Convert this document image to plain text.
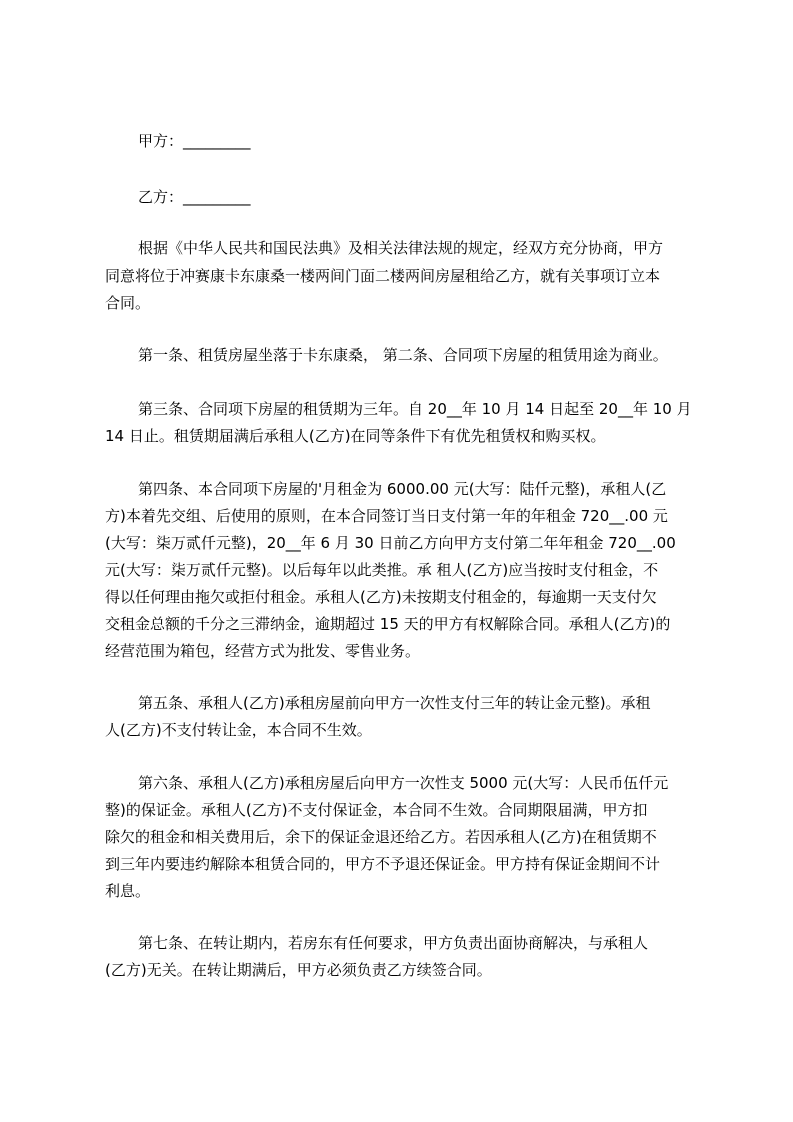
甲方：_________
乙方：_________
根据《中华人民共和国民法典》及相关法律法规的规定，经双方充分协商，甲方
同意将位于冲赛康卡东康桑一楼两间门面二楼两间房屋租给乙方，就有关事项订立本
合同。
第一条、租赁房屋坐落于卡东康桑， 第二条、合同项下房屋的租赁用途为商业。
第三条、合同项下房屋的租赁期为三年。自 20__年 10 月 14 日起至 20__年 10 月
14 日止。租赁期届满后承租人(乙方)在同等条件下有优先租赁权和购买权。
第四条、本合同项下房屋的'月租金为 6000.00 元(大写：陆仟元整)，承租人(乙
方)本着先交组、后使用的原则，在本合同签订当日支付第一年的年租金 720__.00 元
(大写：柒万贰仟元整)，20__年 6 月 30 日前乙方向甲方支付第二年年租金 720__.00
元(大写：柒万贰仟元整)。以后每年以此类推。承 租人(乙方)应当按时支付租金，不
得以任何理由拖欠或拒付租金。承租人(乙方)未按期支付租金的，每逾期一天支付欠
交租金总额的千分之三滞纳金，逾期超过 15 天的甲方有权解除合同。承租人(乙方)的
经营范围为箱包，经营方式为批发、零售业务。
第五条、承租人(乙方)承租房屋前向甲方一次性支付三年的转让金元整)。承租
人(乙方)不支付转让金，本合同不生效。
第六条、承租人(乙方)承租房屋后向甲方一次性支 5000 元(大写：人民币伍仟元
整)的保证金。承租人(乙方)不支付保证金，本合同不生效。合同期限届满，甲方扣
除欠的租金和相关费用后，余下的保证金退还给乙方。若因承租人(乙方)在租赁期不
到三年内要违约解除本租赁合同的，甲方不予退还保证金。甲方持有保证金期间不计
利息。
第七条、在转让期内，若房东有任何要求，甲方负责出面协商解决，与承租人
(乙方)无关。在转让期满后，甲方必须负责乙方续签合同。
